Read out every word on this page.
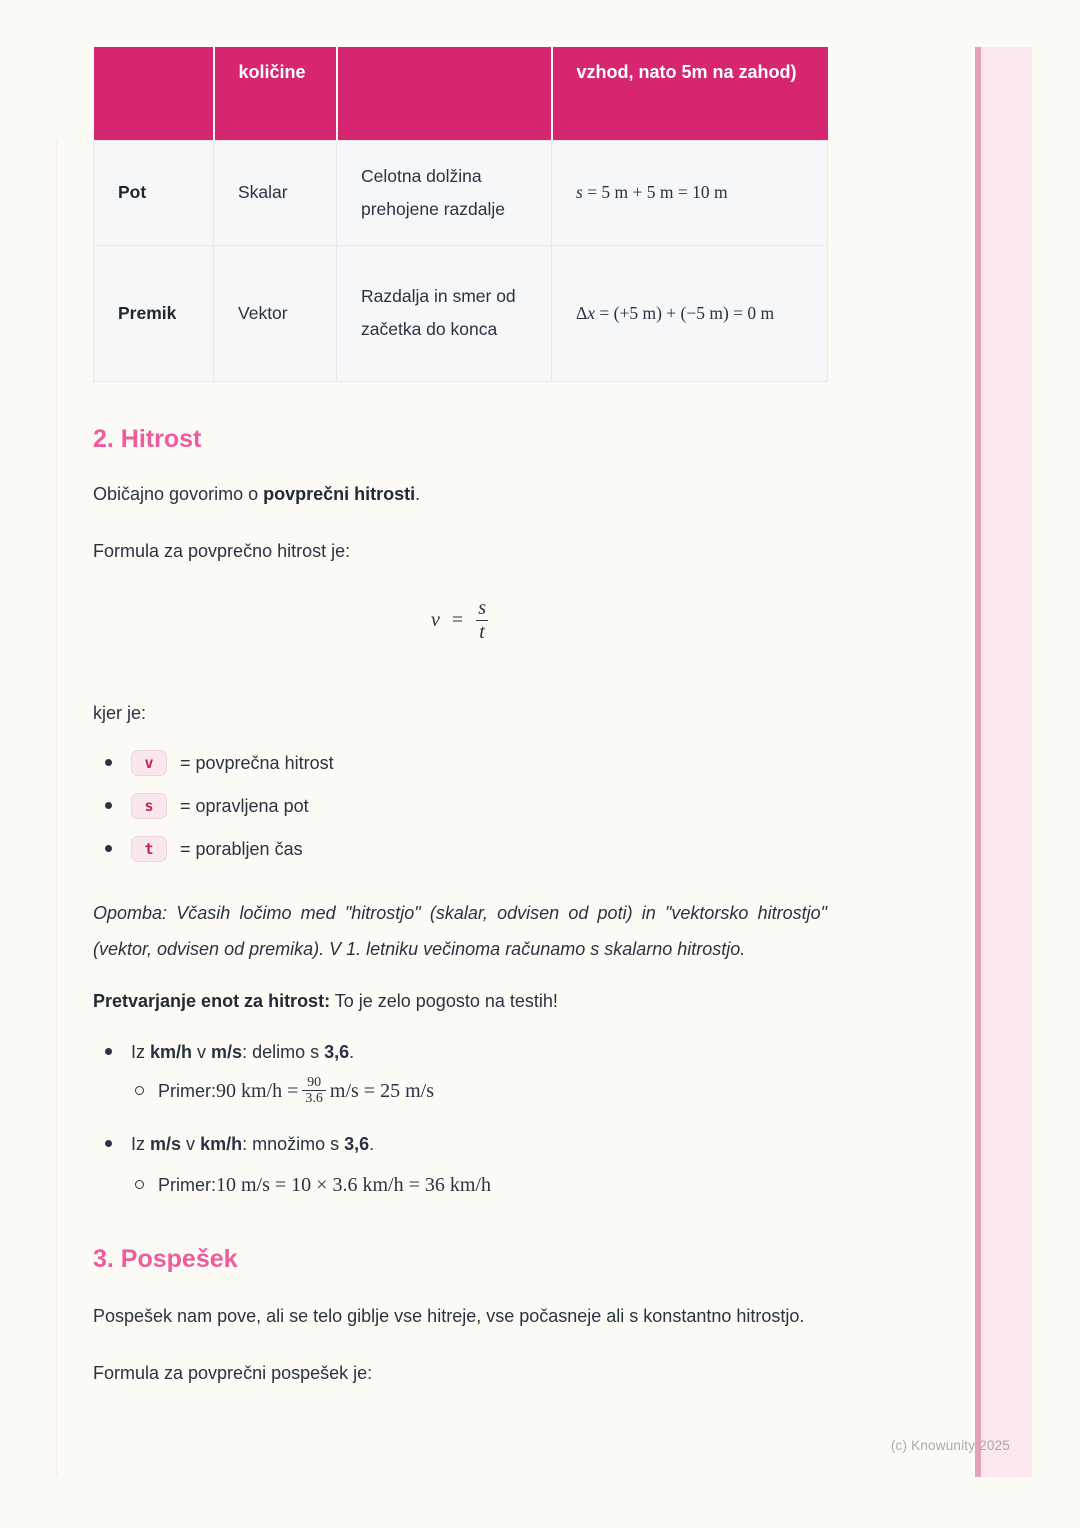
	količine		vzhod, nato 5m na zahod)
Pot	Skalar	Celotna dolžina prehojene razdalje	s = 5 m + 5 m = 10 m
Premik	Vektor	Razdalja in smer od začetka do konca	Δx = (+5 m) + (−5 m) = 0 m
2. Hitrost

Običajno govorimo o povprečni hitrosti.

Formula za povprečno hitrost je:

$v = \frac{s}{t}$

kjer je:

v	= povprečna hitrost
s	= opravljena pot
t	= porabljen čas

Opomba: Včasih ločimo med "hitrostjo" (skalar, odvisen od poti) in "vektorsko hitrostjo" (vektor, odvisen od premika). V 1. letniku večinoma računamo s skalarno hitrostjo.

Pretvarjanje enot za hitrost: To je zelo pogosto na testih!

Iz km/h v m/s: delimo s 3,6.
Primer: 90 $km/h = \frac{90}{3.6} m/s = 25$ m/s
Iz m/s v km/h: množimo s 3,6.
Primer: 10 m/s = 10 × 3.6 km/h = 36 km/h
3. Pospešek

Pospešek nam pove, ali se telo giblje vse hitreje, vse počasneje ali s konstantno hitrostjo.

Formula za povprečni pospešek je:

(c) Knowunity 2025
